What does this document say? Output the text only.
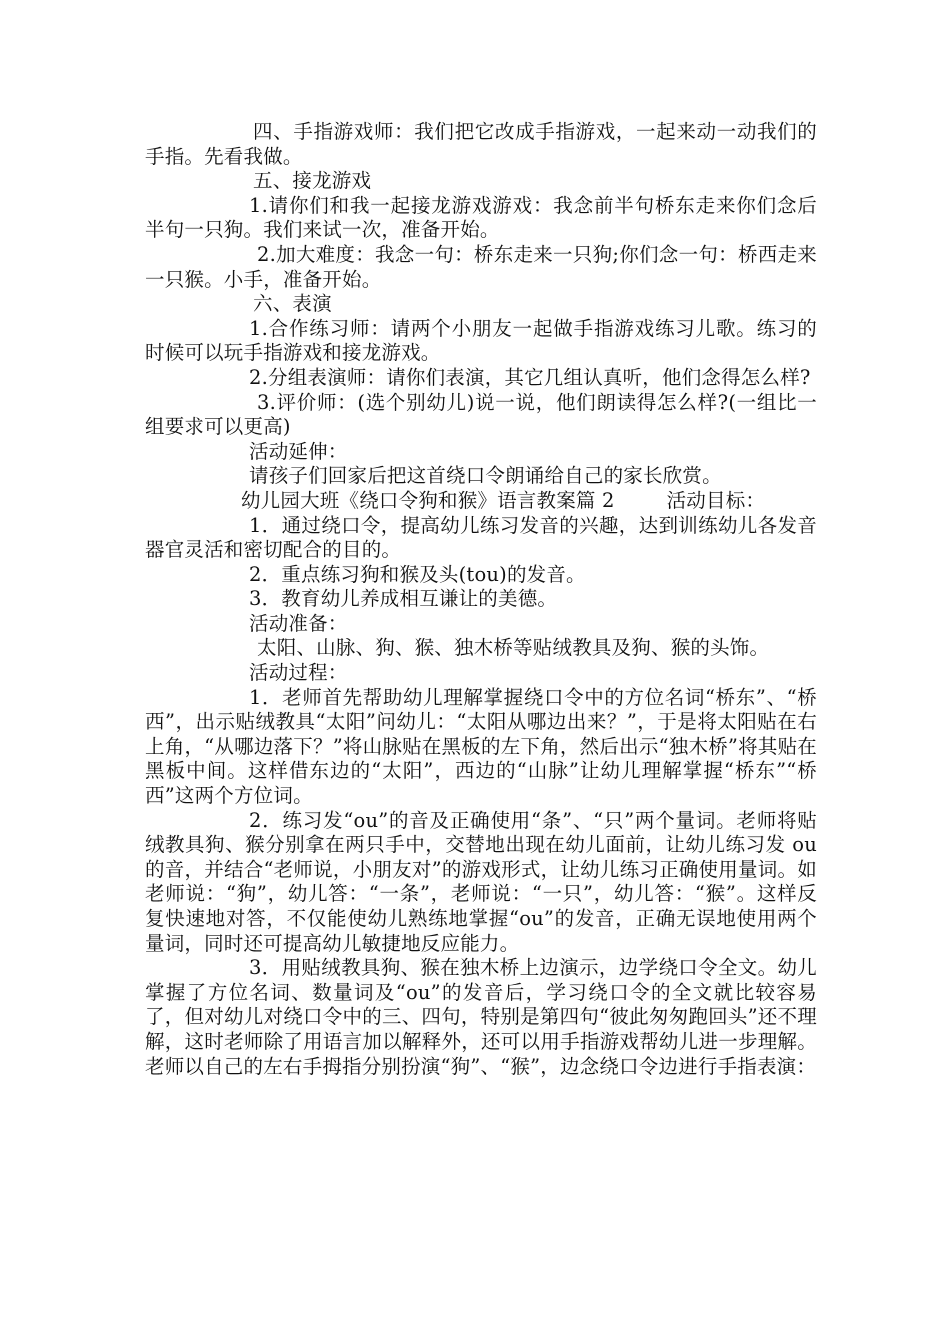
四、手指游戏师：我们把它改成手指游戏，一起来动一动我们的手指。先看我做。

五、接龙游戏

1.请你们和我一起接龙游戏游戏：我念前半句桥东走来你们念后半句一只狗。我们来试一次，准备开始。

2.加大难度：我念一句：桥东走来一只狗;你们念一句：桥西走来一只猴。小手，准备开始。

六、表演

1.合作练习师：请两个小朋友一起做手指游戏练习儿歌。练习的时候可以玩手指游戏和接龙游戏。

2.分组表演师：请你们表演，其它几组认真听，他们念得怎么样?

3.评价师：(选个别幼儿)说一说，他们朗读得怎么样?(一组比一组要求可以更高)

活动延伸：

请孩子们回家后把这首绕口令朗诵给自己的家长欣赏。

幼儿园大班《绕口令狗和猴》语言教案篇 2	活动目标：

1．通过绕口令，提高幼儿练习发音的兴趣，达到训练幼儿各发音器官灵活和密切配合的目的。

2．重点练习狗和猴及头(tou)的发音。

3．教育幼儿养成相互谦让的美德。

活动准备：

太阳、山脉、狗、猴、独木桥等贴绒教具及狗、猴的头饰。

活动过程：

1．老师首先帮助幼儿理解掌握绕口令中的方位名词“桥东”、“桥西”，出示贴绒教具“太阳”问幼儿：“太阳从哪边出来？”，于是将太阳贴在右上角，“从哪边落下？”将山脉贴在黑板的左下角，然后出示“独木桥”将其贴在黑板中间。这样借东边的“太阳”，西边的“山脉”让幼儿理解掌握“桥东”“桥西”这两个方位词。

2．练习发“ou”的音及正确使用“条”、“只”两个量词。老师将贴绒教具狗、猴分别拿在两只手中，交替地出现在幼儿面前，让幼儿练习发 ou 的音，并结合“老师说，小朋友对”的游戏形式，让幼儿练习正确使用量词。如老师说：“狗”，幼儿答：“一条”，老师说：“一只”，幼儿答：“猴”。这样反复快速地对答，不仅能使幼儿熟练地掌握“ou”的发音，正确无误地使用两个量词，同时还可提高幼儿敏捷地反应能力。

3．用贴绒教具狗、猴在独木桥上边演示，边学绕口令全文。幼儿掌握了方位名词、数量词及“ou”的发音后，学习绕口令的全文就比较容易了，但对幼儿对绕口令中的三、四句，特别是第四句“彼此匆匆跑回头”还不理解，这时老师除了用语言加以解释外，还可以用手指游戏帮幼儿进一步理解。老师以自己的左右手拇指分别扮演“狗”、“猴”，边念绕口令边进行手指表演：
